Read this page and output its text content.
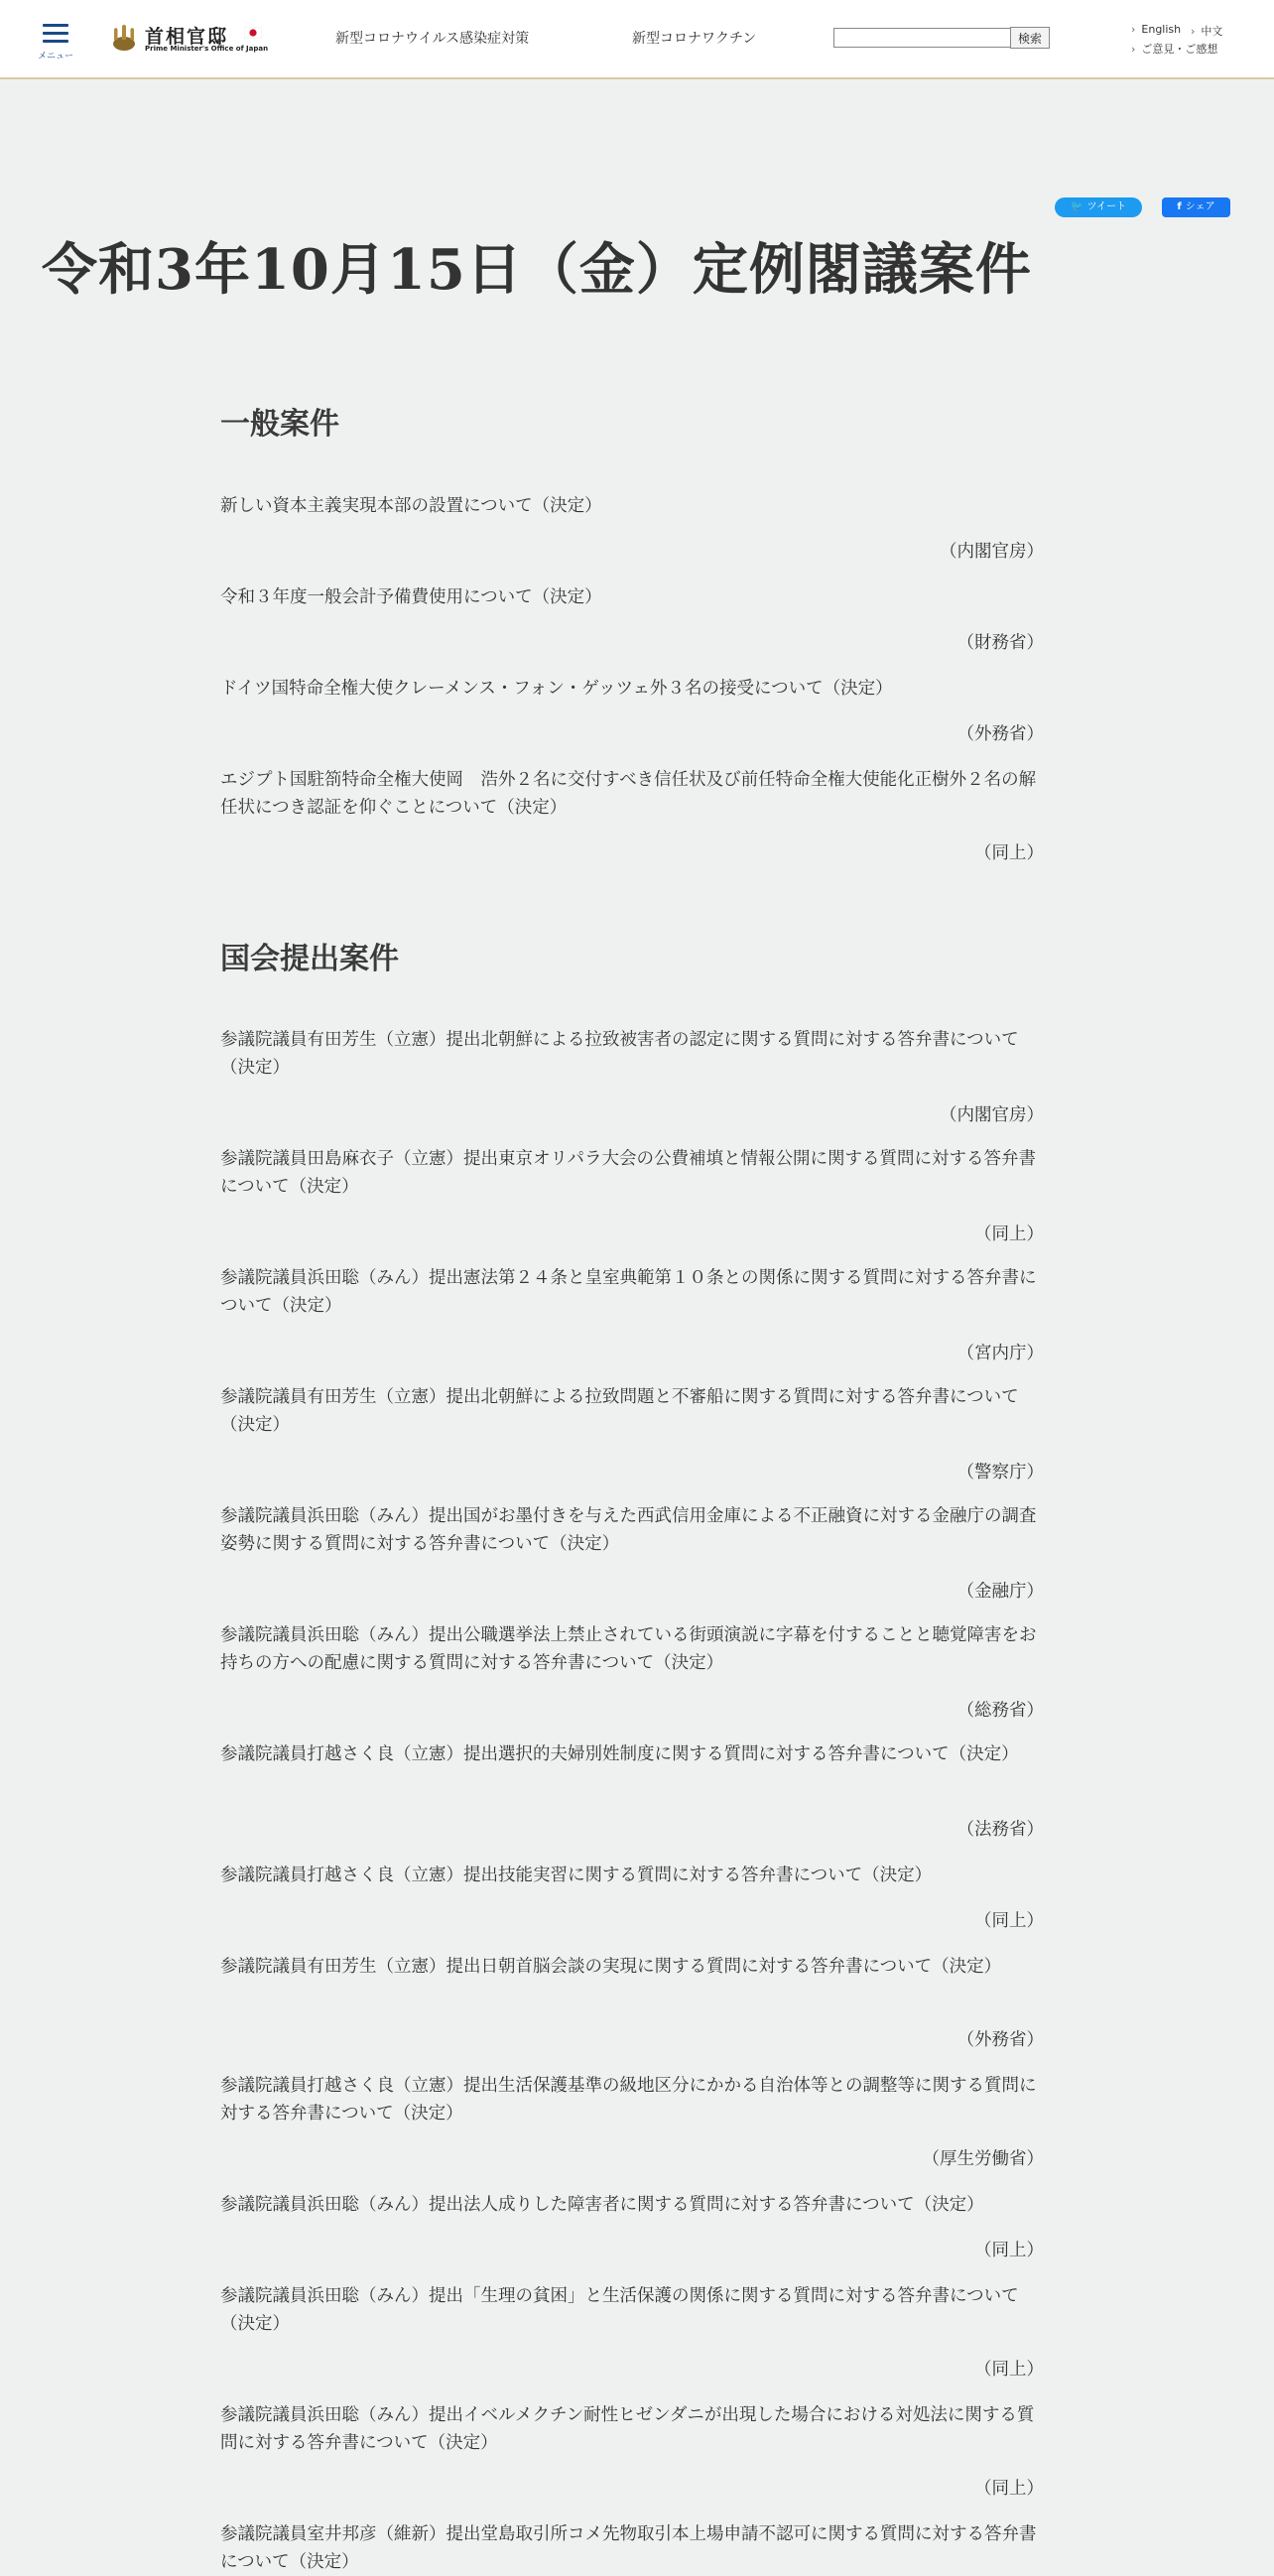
メニュー
首相官邸
Prime Minister's Office of Japan
新型コロナウイルス感染症対策	新型コロナワクチン	検索
› English › 中文
› ご意見・ご感想
🐦 ツイート	f シェア
令和3年10月15日（金）定例閣議案件
一般案件
新しい資本主義実現本部の設置について（決定）
（内閣官房）
令和３年度一般会計予備費使用について（決定）
（財務省）
ドイツ国特命全権大使クレーメンス・フォン・ゲッツェ外３名の接受について（決定）
（外務省）
エジプト国駐箚特命全権大使岡　浩外２名に交付すべき信任状及び前任特命全権大使能化正樹外２名の解任状につき認証を仰ぐことについて（決定）
（同上）
国会提出案件
参議院議員有田芳生（立憲）提出北朝鮮による拉致被害者の認定に関する質問に対する答弁書について（決定）
（内閣官房）
参議院議員田島麻衣子（立憲）提出東京オリパラ大会の公費補填と情報公開に関する質問に対する答弁書について（決定）
（同上）
参議院議員浜田聡（みん）提出憲法第２４条と皇室典範第１０条との関係に関する質問に対する答弁書について（決定）
（宮内庁）
参議院議員有田芳生（立憲）提出北朝鮮による拉致問題と不審船に関する質問に対する答弁書について（決定）
（警察庁）
参議院議員浜田聡（みん）提出国がお墨付きを与えた西武信用金庫による不正融資に対する金融庁の調査姿勢に関する質問に対する答弁書について（決定）
（金融庁）
参議院議員浜田聡（みん）提出公職選挙法上禁止されている街頭演説に字幕を付することと聴覚障害をお持ちの方への配慮に関する質問に対する答弁書について（決定）
（総務省）
参議院議員打越さく良（立憲）提出選択的夫婦別姓制度に関する質問に対する答弁書について（決定）
（法務省）
参議院議員打越さく良（立憲）提出技能実習に関する質問に対する答弁書について（決定）
（同上）
参議院議員有田芳生（立憲）提出日朝首脳会談の実現に関する質問に対する答弁書について（決定）
（外務省）
参議院議員打越さく良（立憲）提出生活保護基準の級地区分にかかる自治体等との調整等に関する質問に対する答弁書について（決定）
（厚生労働省）
参議院議員浜田聡（みん）提出法人成りした障害者に関する質問に対する答弁書について（決定）
（同上）
参議院議員浜田聡（みん）提出「生理の貧困」と生活保護の関係に関する質問に対する答弁書について（決定）
（同上）
参議院議員浜田聡（みん）提出イベルメクチン耐性ヒゼンダニが出現した場合における対処法に関する質問に対する答弁書について（決定）
（同上）
参議院議員室井邦彦（維新）提出堂島取引所コメ先物取引本上場申請不認可に関する質問に対する答弁書について（決定）
